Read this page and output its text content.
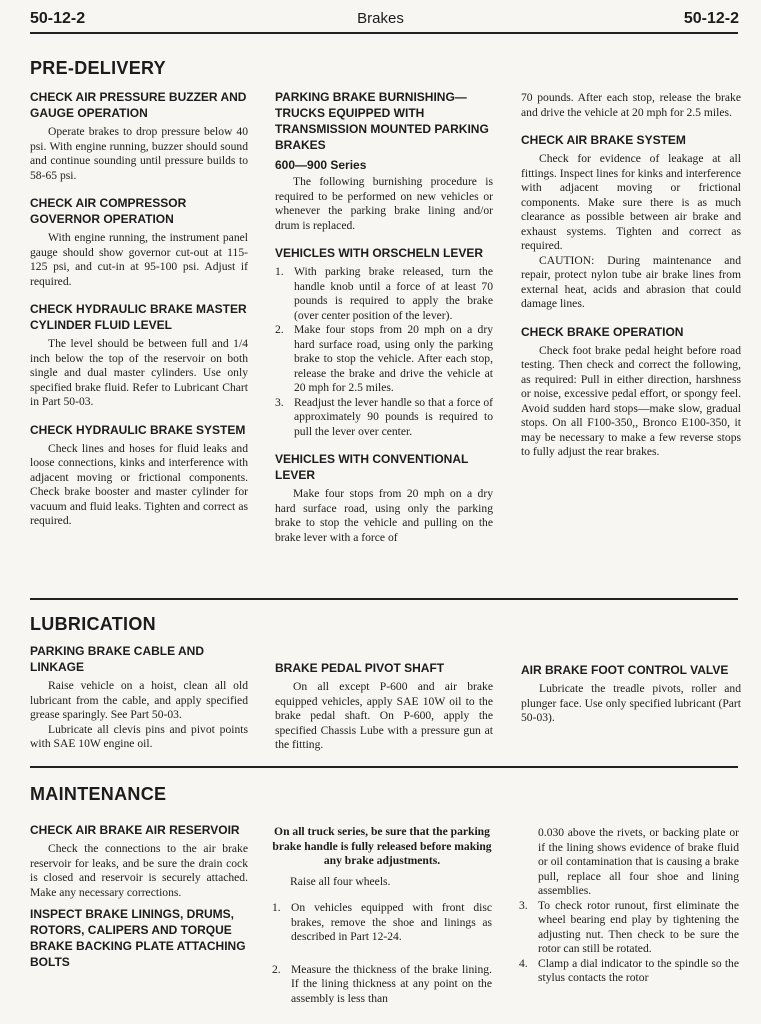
50-12-2	Brakes	50-12-2
PRE-DELIVERY
CHECK AIR PRESSURE BUZZER AND GAUGE OPERATION

Operate brakes to drop pressure below 40 psi. With engine running, buzzer should sound and continue sounding until pressure builds to 58-65 psi.

CHECK AIR COMPRESSOR GOVERNOR OPERATION

With engine running, the instrument panel gauge should show governor cut-out at 115-125 psi, and cut-in at 95-100 psi. Adjust if required.

CHECK HYDRAULIC BRAKE MASTER CYLINDER FLUID LEVEL

The level should be between full and 1/4 inch below the top of the reservoir on both single and dual master cylinders. Use only specified brake fluid. Refer to Lubricant Chart in Part 50-03.

CHECK HYDRAULIC BRAKE SYSTEM

Check lines and hoses for fluid leaks and loose connections, kinks and interference with adjacent moving or frictional components. Check brake booster and master cylinder for vacuum and fluid leaks. Tighten and correct as required.

PARKING BRAKE BURNISHING— TRUCKS EQUIPPED WITH TRANSMISSION MOUNTED PARKING BRAKES
600—900 Series

The following burnishing procedure is required to be performed on new vehicles or whenever the parking brake lining and/or drum is replaced.

VEHICLES WITH ORSCHELN LEVER
1. With parking brake released, turn the handle knob until a force of at least 70 pounds is required to apply the brake (over center position of the lever).
2. Make four stops from 20 mph on a dry hard surface road, using only the parking brake to stop the vehicle. After each stop, release the brake and drive the vehicle at 20 mph for 2.5 miles.
3. Readjust the lever handle so that a force of approximately 90 pounds is required to pull the lever over center.
VEHICLES WITH CONVENTIONAL LEVER

Make four stops from 20 mph on a dry hard surface road, using only the parking brake to stop the vehicle and pulling on the brake lever with a force of

70 pounds. After each stop, release the brake and drive the vehicle at 20 mph for 2.5 miles.

CHECK AIR BRAKE SYSTEM

Check for evidence of leakage at all fittings. Inspect lines for kinks and interference with adjacent moving or frictional components. Make sure there is as much clearance as possible between air brake and exhaust systems. Tighten and correct as required.

CAUTION: During maintenance and repair, protect nylon tube air brake lines from external heat, acids and abrasion that could damage lines.

CHECK BRAKE OPERATION

Check foot brake pedal height before road testing. Then check and correct the following, as required: Pull in either direction, harshness or noise, excessive pedal effort, or spongy feel. Avoid sudden hard stops—make slow, gradual stops. On all F100-350,, Bronco E100-350, it may be necessary to make a few reverse stops to fully adjust the rear brakes.

LUBRICATION
PARKING BRAKE CABLE AND LINKAGE

Raise vehicle on a hoist, clean all old lubricant from the cable, and apply specified grease sparingly. See Part 50-03.

Lubricate all clevis pins and pivot points with SAE 10W engine oil.

BRAKE PEDAL PIVOT SHAFT

On all except P-600 and air brake equipped vehicles, apply SAE 10W oil to the brake pedal shaft. On P-600, apply the specified Chassis Lube with a pressure gun at the fitting.

AIR BRAKE FOOT CONTROL VALVE

Lubricate the treadle pivots, roller and plunger face. Use only specified lubricant (Part 50-03).

MAINTENANCE
CHECK AIR BRAKE AIR RESERVOIR

Check the connections to the air brake reservoir for leaks, and be sure the drain cock is closed and reservoir is securely attached. Make any necessary corrections.

INSPECT BRAKE LININGS, DRUMS, ROTORS, CALIPERS AND TORQUE BRAKE BACKING PLATE ATTACHING BOLTS

On all truck series, be sure that the parking brake handle is fully released before making any brake adjustments.

Raise all four wheels.

1. On vehicles equipped with front disc brakes, remove the shoe and linings as described in Part 12-24.
2. Measure the thickness of the brake lining. If the lining thickness at any point on the assembly is less than

0.030 above the rivets, or backing plate or if the lining shows evidence of brake fluid or oil contamination that is causing a brake pull, replace all four shoe and lining assemblies.

3. To check rotor runout, first eliminate the wheel bearing end play by tightening the adjusting nut. Then check to be sure the rotor can still be rotated.
4. Clamp a dial indicator to the spindle so the stylus contacts the rotor
